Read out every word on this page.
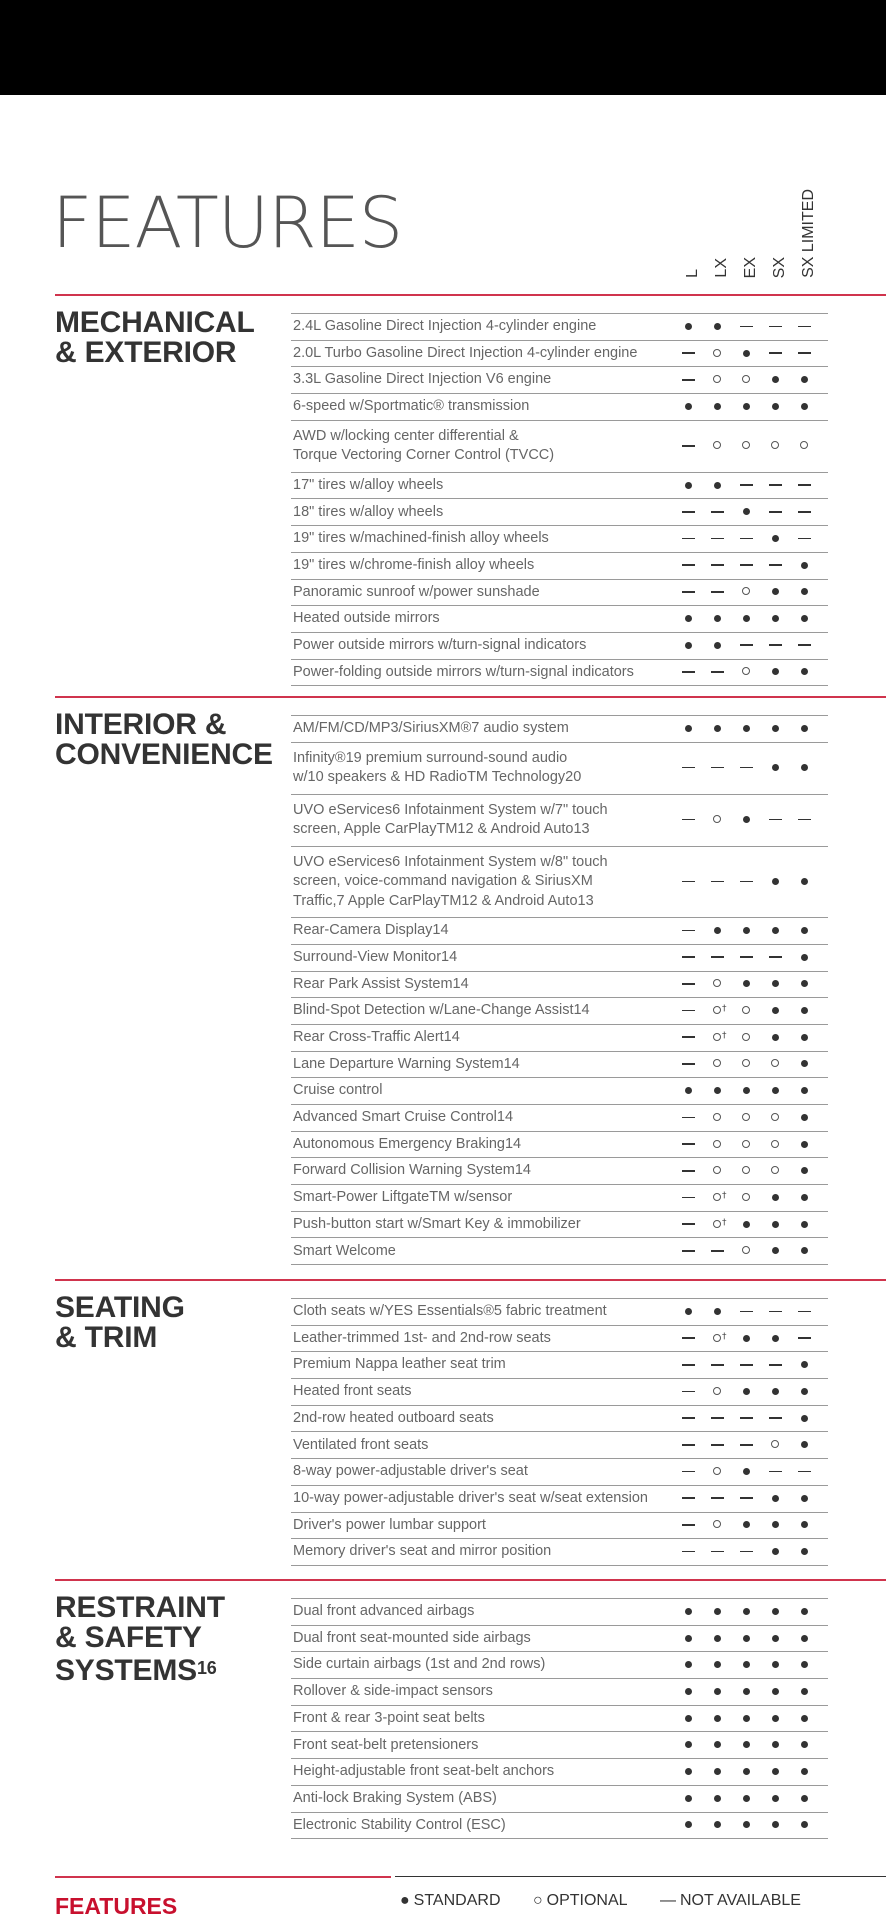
FEATURES
L LX EX SX SX LIMITED
MECHANICAL
& EXTERIOR
2.4L Gasoline Direct Injection 4-cylinder engine
2.0L Turbo Gasoline Direct Injection 4-cylinder engine
3.3L Gasoline Direct Injection V6 engine
6-speed w/Sportmatic® transmission
AWD w/locking center differential &
Torque Vectoring Corner Control (TVCC)
17" tires w/alloy wheels
18" tires w/alloy wheels
19" tires w/machined-finish alloy wheels
19" tires w/chrome-finish alloy wheels
Panoramic sunroof w/power sunshade
Heated outside mirrors
Power outside mirrors w/turn-signal indicators
Power-folding outside mirrors w/turn-signal indicators
INTERIOR &
CONVENIENCE
AM/FM/CD/MP3/SiriusXM®7 audio system
Infinity®19 premium surround-sound audio
w/10 speakers & HD RadioTM Technology20
UVO eServices6 Infotainment System w/7" touch
screen, Apple CarPlayTM12 & Android Auto13
UVO eServices6 Infotainment System w/8" touch
screen, voice-command navigation & SiriusXM
Traffic,7 Apple CarPlayTM12 & Android Auto13
Rear-Camera Display14
Surround-View Monitor14
Rear Park Assist System14
Blind-Spot Detection w/Lane-Change Assist14
†
Rear Cross-Traffic Alert14
†
Lane Departure Warning System14
Cruise control
Advanced Smart Cruise Control14
Autonomous Emergency Braking14
Forward Collision Warning System14
Smart-Power LiftgateTM w/sensor
†
Push-button start w/Smart Key & immobilizer
†
Smart Welcome
SEATING
& TRIM
Cloth seats w/YES Essentials®5 fabric treatment
Leather-trimmed 1st- and 2nd-row seats
†
Premium Nappa leather seat trim
Heated front seats
2nd-row heated outboard seats
Ventilated front seats
8-way power-adjustable driver's seat
10-way power-adjustable driver's seat w/seat extension
Driver's power lumbar support
Memory driver's seat and mirror position
RESTRAINT
& SAFETY
SYSTEMS$^{16}$
Dual front advanced airbags
Dual front seat-mounted side airbags
Side curtain airbags (1st and 2nd rows)
Rollover & side-impact sensors
Front & rear 3-point seat belts
Front seat-belt pretensioners
Height-adjustable front seat-belt anchors
Anti-lock Braking System (ABS)
Electronic Stability Control (ESC)
FEATURES	● STANDARD ○ OPTIONAL — NOT AVAILABLE
